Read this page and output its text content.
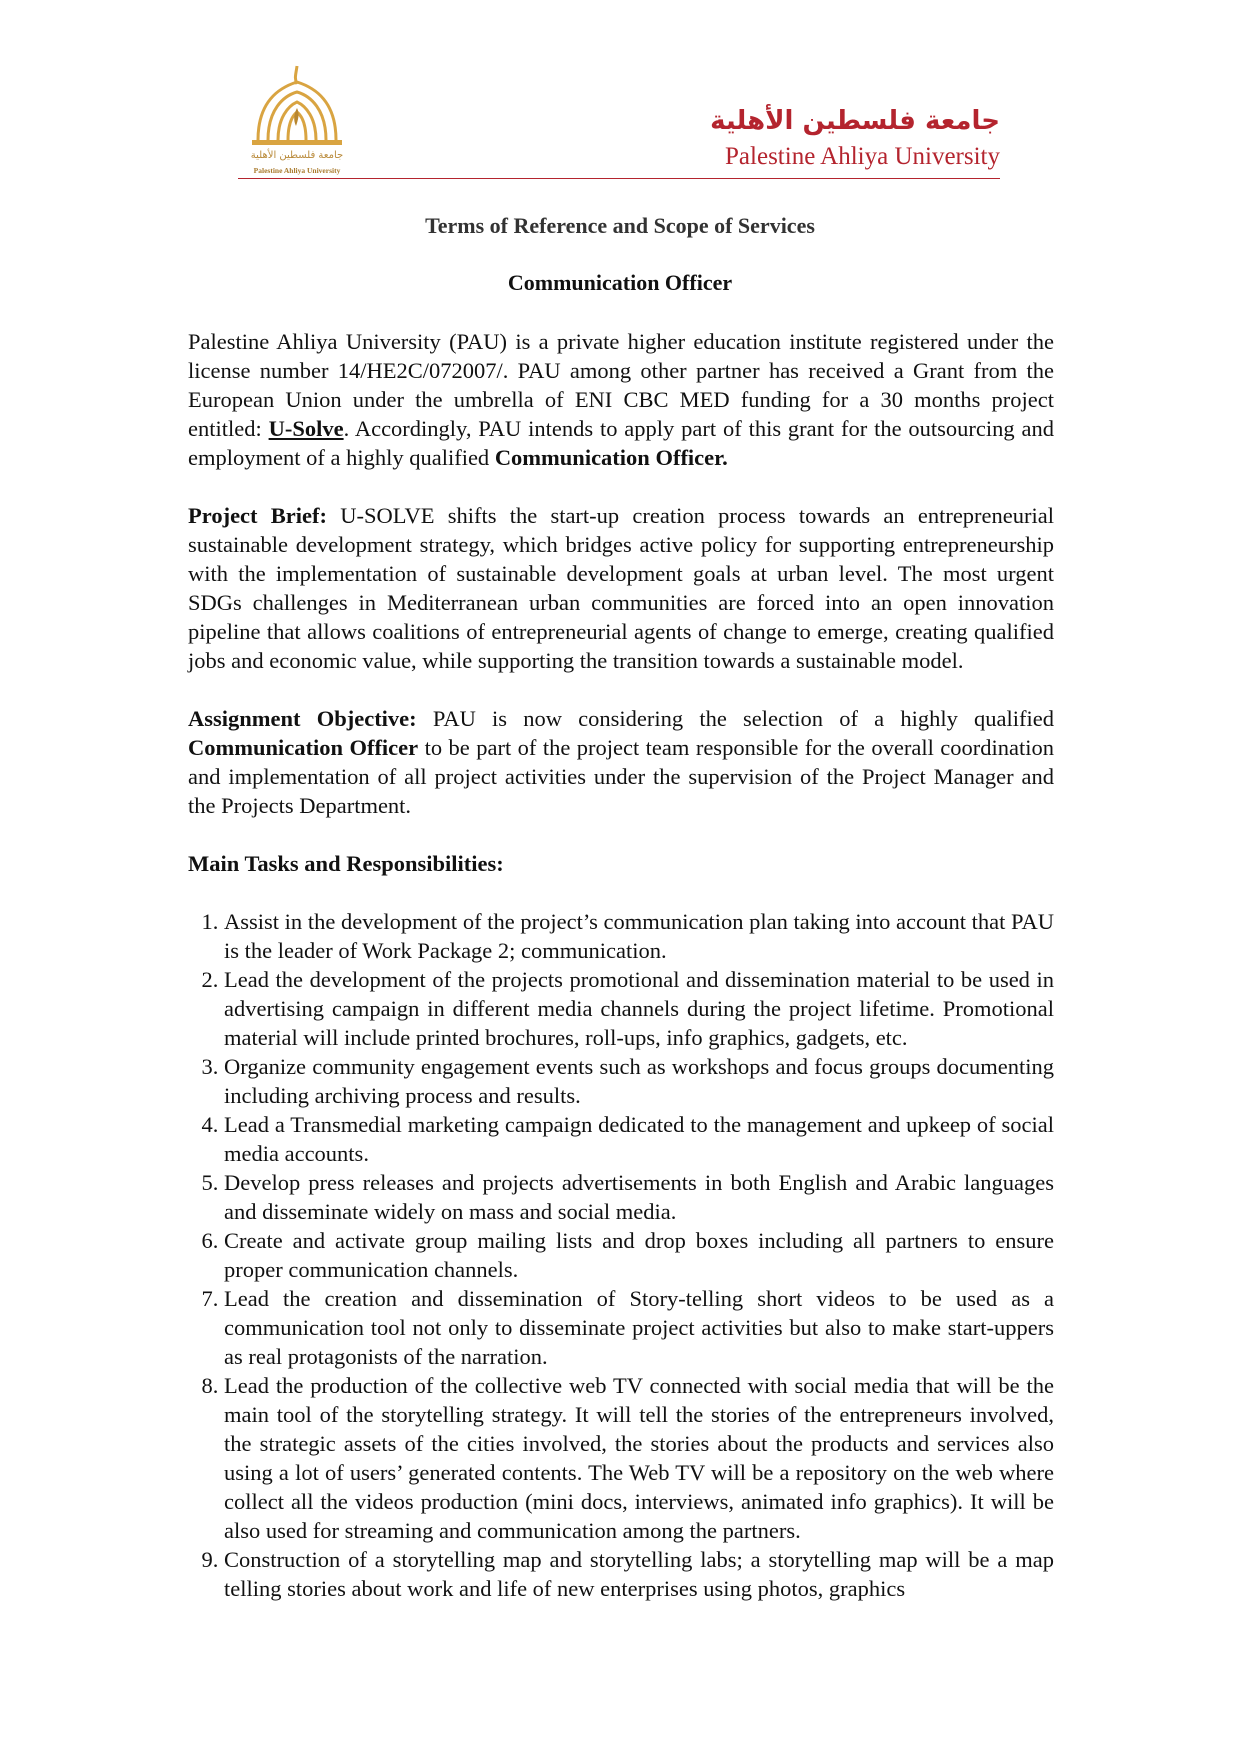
جامعة فلسطين الأهلية
Palestine Ahliya University
جامعة فلسطين الأهلية
Palestine Ahliya University
Terms of Reference and Scope of Services
Communication Officer

Palestine Ahliya University (PAU) is a private higher education institute registered under the license number 14/HE2C/072007/. PAU among other partner has received a Grant from the European Union under the umbrella of ENI CBC MED funding for a 30 months project entitled: U-Solve. Accordingly, PAU intends to apply part of this grant for the outsourcing and employment of a highly qualified Communication Officer.

Project Brief: U-SOLVE shifts the start-up creation process towards an entrepreneurial sustainable development strategy, which bridges active policy for supporting entrepreneurship with the implementation of sustainable development goals at urban level. The most urgent SDGs challenges in Mediterranean urban communities are forced into an open innovation pipeline that allows coalitions of entrepreneurial agents of change to emerge, creating qualified jobs and economic value, while supporting the transition towards a sustainable model.

Assignment Objective: PAU is now considering the selection of a highly qualified Communication Officer to be part of the project team responsible for the overall coordination and implementation of all project activities under the supervision of the Project Manager and the Projects Department.

Main Tasks and Responsibilities:

1. Assist in the development of the project’s communication plan taking into account that PAU is the leader of Work Package 2; communication.
2. Lead the development of the projects promotional and dissemination material to be used in advertising campaign in different media channels during the project lifetime. Promotional material will include printed brochures, roll-ups, info graphics, gadgets, etc.
3. Organize community engagement events such as workshops and focus groups documenting including archiving process and results.
4. Lead a Transmedial marketing campaign dedicated to the management and upkeep of social media accounts.
5. Develop press releases and projects advertisements in both English and Arabic languages and disseminate widely on mass and social media.
6. Create and activate group mailing lists and drop boxes including all partners to ensure proper communication channels.
7. Lead the creation and dissemination of Story-telling short videos to be used as a communication tool not only to disseminate project activities but also to make start-uppers as real protagonists of the narration.
8. Lead the production of the collective web TV connected with social media that will be the main tool of the storytelling strategy. It will tell the stories of the entrepreneurs involved, the strategic assets of the cities involved, the stories about the products and services also using a lot of users’ generated contents. The Web TV will be a repository on the web where collect all the videos production (mini docs, interviews, animated info graphics). It will be also used for streaming and communication among the partners.
9. Construction of a storytelling map and storytelling labs; a storytelling map will be a map telling stories about work and life of new enterprises using photos, graphics
